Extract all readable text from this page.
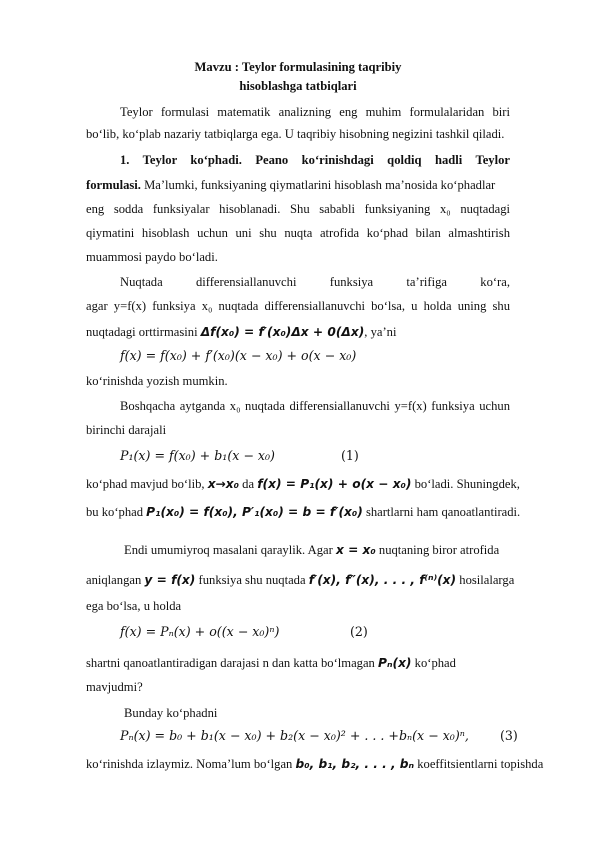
Mavzu : Teylor formulasining taqribiy
hisoblashga tatbiqlari
Teylor formulasi matematik analizning eng muhim formulalaridan biri
bo‘lib, ko‘plab nazariy tatbiqlarga ega. U taqribiy hisobning negizini tashkil qiladi.
1. Teylor ko‘phadi. Peano ko‘rinishdagi qoldiq hadli Teylor
formulasi. Ma’lumki, funksiyaning qiymatlarini hisoblash ma’nosida ko‘phadlar
eng sodda funksiyalar hisoblanadi. Shu sababli funksiyaning x₀ nuqtadagi
qiymatini hisoblash uchun uni shu nuqta atrofida ko‘phad bilan almashtirish
muammosi paydo bo‘ladi.
Nuqtada differensiallanuvchi funksiya ta’rifiga ko‘ra,
agar y=f(x) funksiya x₀ nuqtada differensiallanuvchi bo‘lsa, u holda uning shu
nuqtadagi orttirmasini Δf(x₀) = f′(x₀)Δx + 0(Δx), ya’ni
f(x) = f(x₀) + f′(x₀)(x − x₀) + o(x − x₀)
ko‘rinishda yozish mumkin.
Boshqacha aytganda x₀ nuqtada differensiallanuvchi y=f(x) funksiya uchun
birinchi darajali
P₁(x) = f(x₀) + b₁(x − x₀)	(1)
ko‘phad mavjud bo‘lib, x→x₀ da f(x) = P₁(x) + o(x − x₀) bo‘ladi. Shuningdek,
bu ko‘phad P₁(x₀) = f(x₀), P′₁(x₀) = b = f′(x₀) shartlarni ham qanoatlantiradi.
Endi umumiyroq masalani qaraylik. Agar x = x₀ nuqtaning biror atrofida
aniqlangan y = f(x) funksiya shu nuqtada f′(x), f″(x), . . . , f⁽ⁿ⁾(x) hosilalarga
ega bo‘lsa, u holda
f(x) = Pₙ(x) + o((x − x₀)ⁿ)	(2)
shartni qanoatlantiradigan darajasi n dan katta bo‘lmagan Pₙ(x) ko‘phad
mavjudmi?
Bunday ko‘phadni
Pₙ(x) = b₀ + b₁(x − x₀) + b₂(x − x₀)² + . . . +bₙ(x − x₀)ⁿ, (3)
ko‘rinishda izlaymiz. Noma’lum bo‘lgan b₀, b₁, b₂, . . . , bₙ koeffitsientlarni topishda
